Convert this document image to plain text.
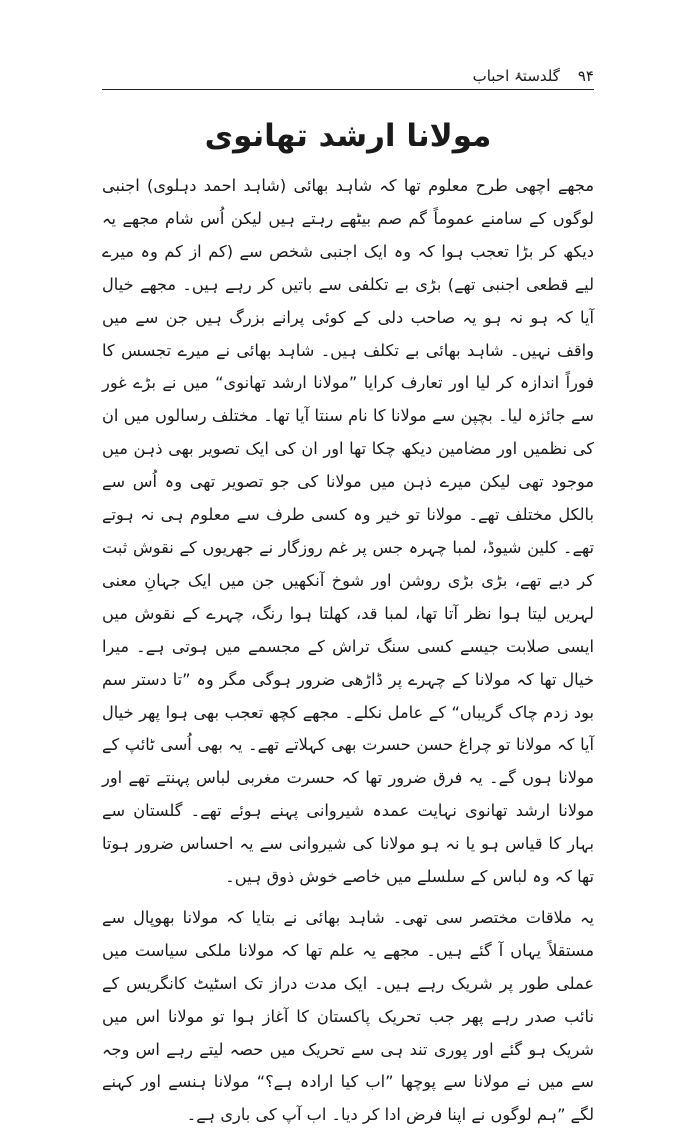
۹۴
گلدستۂ احباب
مولانا ارشد تھانوی

مجھے اچھی طرح معلوم تھا کہ شاہد بھائی (شاہد احمد دہلوی) اجنبی لوگوں کے سامنے عموماً گم صم بیٹھے رہتے ہیں لیکن اُس شام مجھے یہ دیکھ کر بڑا تعجب ہوا کہ وہ ایک اجنبی شخص سے (کم از کم وہ میرے لیے قطعی اجنبی تھے) بڑی بے تکلفی سے باتیں کر رہے ہیں۔ مجھے خیال آیا کہ ہو نہ ہو یہ صاحب دلی کے کوئی پرانے بزرگ ہیں جن سے میں واقف نہیں۔ شاہد بھائی بے تکلف ہیں۔ شاہد بھائی نے میرے تجسس کا فوراً اندازہ کر لیا اور تعارف کرایا ”مولانا ارشد تھانوی“ میں نے بڑے غور سے جائزہ لیا۔ بچپن سے مولانا کا نام سنتا آیا تھا۔ مختلف رسالوں میں ان کی نظمیں اور مضامین دیکھ چکا تھا اور ان کی ایک تصویر بھی ذہن میں موجود تھی لیکن میرے ذہن میں مولانا کی جو تصویر تھی وہ اُس سے بالکل مختلف تھے۔ مولانا تو خیر وہ کسی طرف سے معلوم ہی نہ ہوتے تھے۔ کلین شیوڈ، لمبا چہرہ جس پر غم روزگار نے جھریوں کے نقوش ثبت کر دیے تھے، بڑی بڑی روشن اور شوخ آنکھیں جن میں ایک جہانِ معنی لہریں لیتا ہوا نظر آتا تھا، لمبا قد، کھلتا ہوا رنگ، چہرے کے نقوش میں ایسی صلابت جیسے کسی سنگ تراش کے مجسمے میں ہوتی ہے۔ میرا خیال تھا کہ مولانا کے چہرے پر ڈاڑھی ضرور ہوگی مگر وہ ”تا دستر سم بود زدم چاک گریباں“ کے عامل نکلے۔ مجھے کچھ تعجب بھی ہوا پھر خیال آیا کہ مولانا تو چراغ حسن حسرت بھی کہلاتے تھے۔ یہ بھی اُسی ٹائپ کے مولانا ہوں گے۔ یہ فرق ضرور تھا کہ حسرت مغربی لباس پہنتے تھے اور مولانا ارشد تھانوی نہایت عمدہ شیروانی پہنے ہوئے تھے۔ گلستان سے بہار کا قیاس ہو یا نہ ہو مولانا کی شیروانی سے یہ احساس ضرور ہوتا تھا کہ وہ لباس کے سلسلے میں خاصے خوش ذوق ہیں۔

یہ ملاقات مختصر سی تھی۔ شاہد بھائی نے بتایا کہ مولانا بھوپال سے مستقلاً یہاں آ گئے ہیں۔ مجھے یہ علم تھا کہ مولانا ملکی سیاست میں عملی طور پر شریک رہے ہیں۔ ایک مدت دراز تک اسٹیٹ کانگریس کے نائب صدر رہے پھر جب تحریک پاکستان کا آغاز ہوا تو مولانا اس میں شریک ہو گئے اور پوری تند ہی سے تحریک میں حصہ لیتے رہے اس وجہ سے میں نے مولانا سے پوچھا ”اب کیا ارادہ ہے؟“ مولانا ہنسے اور کہنے لگے ”ہم لوگوں نے اپنا فرض ادا کر دیا۔ اب آپ کی باری ہے۔
